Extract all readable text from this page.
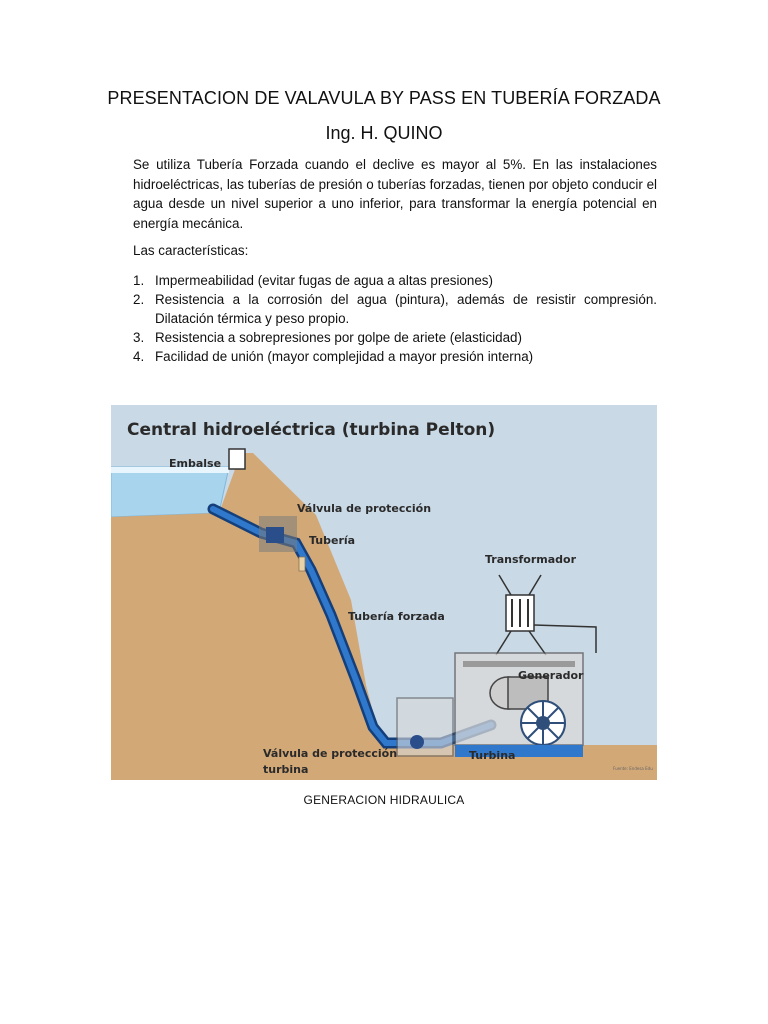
PRESENTACION DE VALAVULA BY PASS EN TUBERÍA FORZADA
Ing. H. QUINO

Se utiliza Tubería Forzada cuando el declive es mayor al 5%. En las instalaciones hidroeléctricas, las tuberías de presión o tuberías forzadas, tienen por objeto conducir el agua desde un nivel superior a uno inferior, para transformar la energía potencial en energía mecánica.

Las características:
1. Impermeabilidad (evitar fugas de agua a altas presiones)
2. Resistencia a la corrosión del agua (pintura), además de resistir compresión. Dilatación térmica y peso propio.
3. Resistencia a sobrepresiones por golpe de ariete (elasticidad)
4. Facilidad de unión (mayor complejidad a mayor presión interna)
Central hidroeléctrica (turbina Pelton)
Embalse
Válvula de protección
Tubería
Transformador
Tubería forzada
Generador
Válvula de protección
turbina
Turbina
Fuente: Endesa Edu
GENERACION HIDRAULICA
